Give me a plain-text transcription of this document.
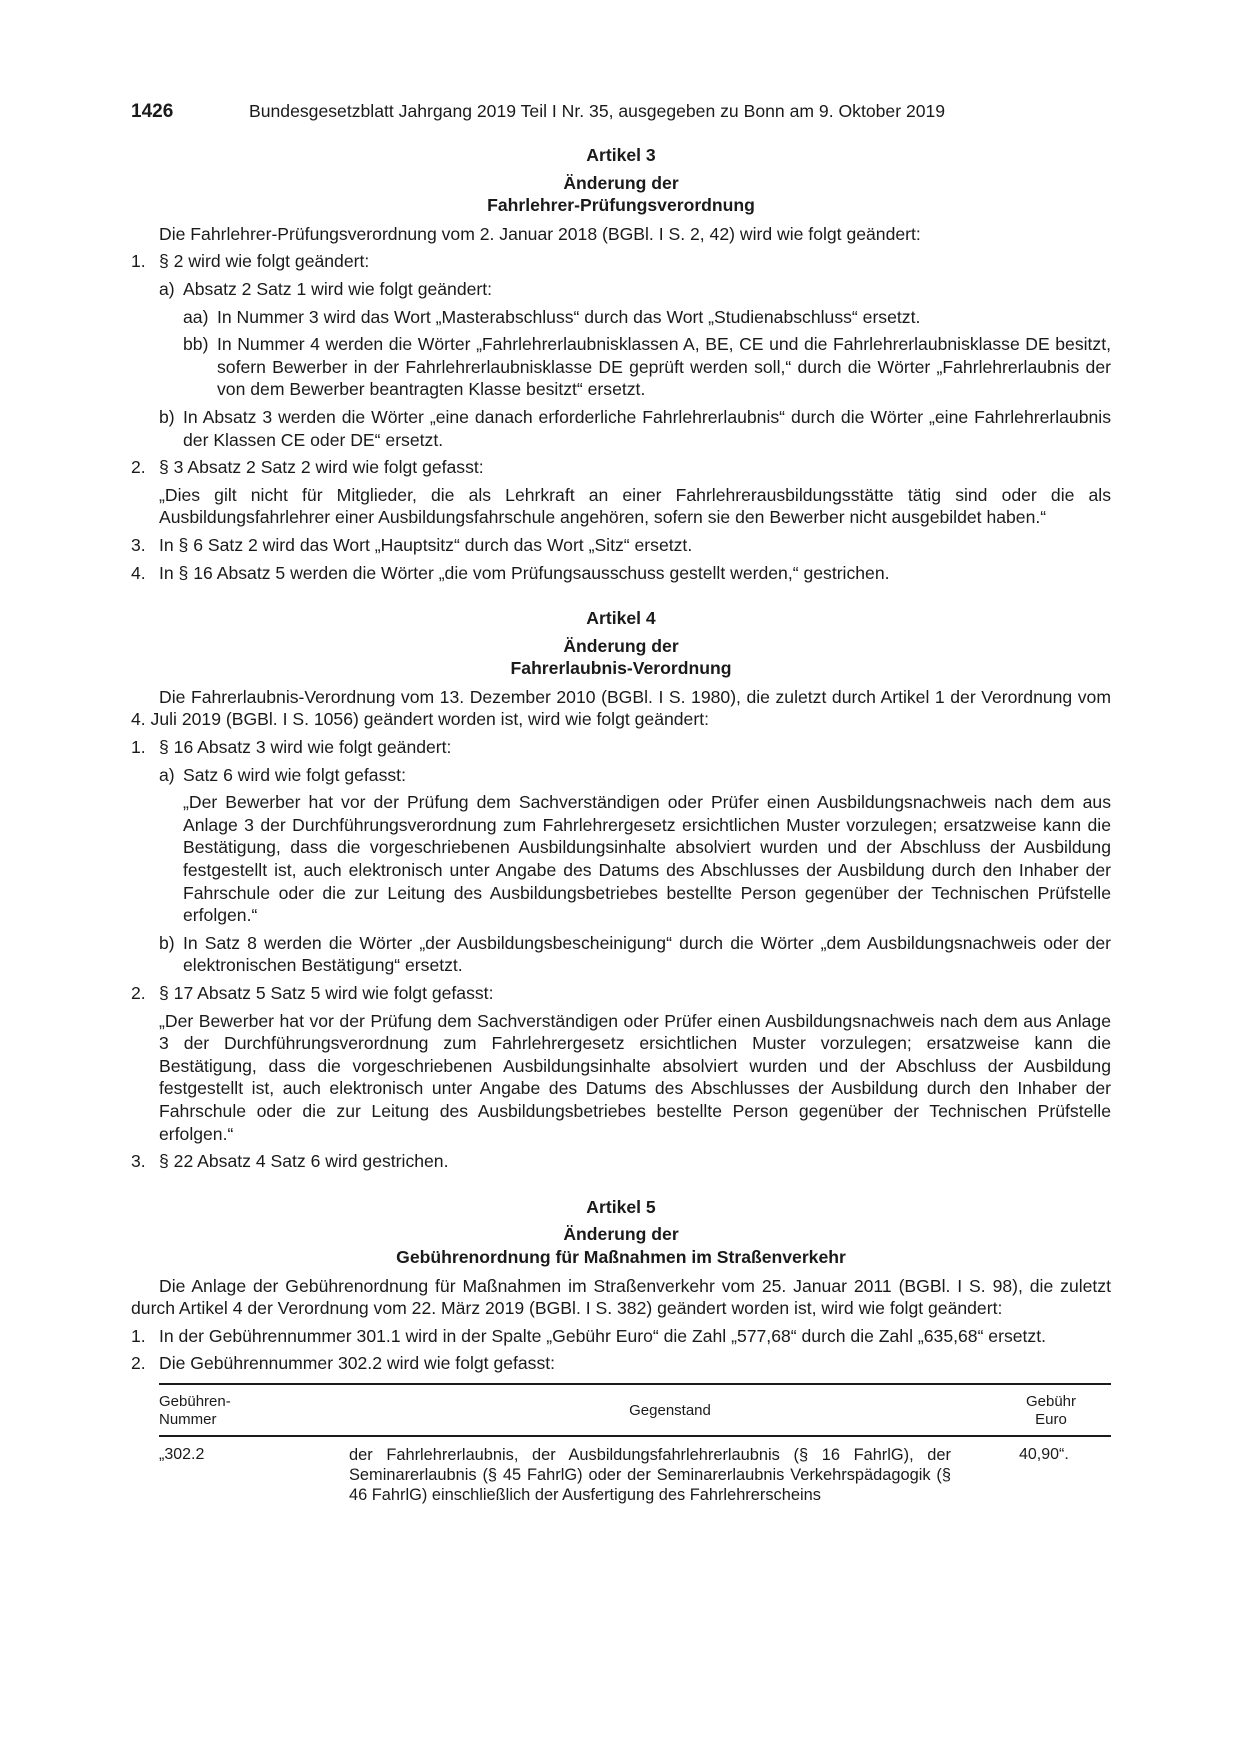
1426	Bundesgesetzblatt Jahrgang 2019 Teil I Nr. 35, ausgegeben zu Bonn am 9. Oktober 2019

Artikel 3

Änderung der

Fahrlehrer-Prüfungsverordnung

Die Fahrlehrer-Prüfungsverordnung vom 2. Januar 2018 (BGBl. I S. 2, 42) wird wie folgt geändert:

1. § 2 wird wie folgt geändert:
a) Absatz 2 Satz 1 wird wie folgt geändert:
aa) In Nummer 3 wird das Wort „Masterabschluss“ durch das Wort „Studienabschluss“ ersetzt.
bb) In Nummer 4 werden die Wörter „Fahrlehrerlaubnisklassen A, BE, CE und die Fahrlehrerlaubnisklasse DE besitzt, sofern Bewerber in der Fahrlehrerlaubnisklasse DE geprüft werden soll,“ durch die Wörter „Fahrlehrerlaubnis der von dem Bewerber beantragten Klasse besitzt“ ersetzt.
b) In Absatz 3 werden die Wörter „eine danach erforderliche Fahrlehrerlaubnis“ durch die Wörter „eine Fahrlehrerlaubnis der Klassen CE oder DE“ ersetzt.
2. § 3 Absatz 2 Satz 2 wird wie folgt gefasst:

„Dies gilt nicht für Mitglieder, die als Lehrkraft an einer Fahrlehrerausbildungsstätte tätig sind oder die als Ausbildungsfahrlehrer einer Ausbildungsfahrschule angehören, sofern sie den Bewerber nicht ausgebildet haben.“

3. In § 6 Satz 2 wird das Wort „Hauptsitz“ durch das Wort „Sitz“ ersetzt.
4. In § 16 Absatz 5 werden die Wörter „die vom Prüfungsausschuss gestellt werden,“ gestrichen.

Artikel 4

Änderung der

Fahrerlaubnis-Verordnung

Die Fahrerlaubnis-Verordnung vom 13. Dezember 2010 (BGBl. I S. 1980), die zuletzt durch Artikel 1 der Verordnung vom 4. Juli 2019 (BGBl. I S. 1056) geändert worden ist, wird wie folgt geändert:

1. § 16 Absatz 3 wird wie folgt geändert:
a) Satz 6 wird wie folgt gefasst:

„Der Bewerber hat vor der Prüfung dem Sachverständigen oder Prüfer einen Ausbildungsnachweis nach dem aus Anlage 3 der Durchführungsverordnung zum Fahrlehrergesetz ersichtlichen Muster vorzulegen; ersatzweise kann die Bestätigung, dass die vorgeschriebenen Ausbildungsinhalte absolviert wurden und der Abschluss der Ausbildung festgestellt ist, auch elektronisch unter Angabe des Datums des Abschlusses der Ausbildung durch den Inhaber der Fahrschule oder die zur Leitung des Ausbildungsbetriebes bestellte Person gegenüber der Technischen Prüfstelle erfolgen.“

b) In Satz 8 werden die Wörter „der Ausbildungsbescheinigung“ durch die Wörter „dem Ausbildungsnachweis oder der elektronischen Bestätigung“ ersetzt.
2. § 17 Absatz 5 Satz 5 wird wie folgt gefasst:

„Der Bewerber hat vor der Prüfung dem Sachverständigen oder Prüfer einen Ausbildungsnachweis nach dem aus Anlage 3 der Durchführungsverordnung zum Fahrlehrergesetz ersichtlichen Muster vorzulegen; ersatzweise kann die Bestätigung, dass die vorgeschriebenen Ausbildungsinhalte absolviert wurden und der Abschluss der Ausbildung festgestellt ist, auch elektronisch unter Angabe des Datums des Abschlusses der Ausbildung durch den Inhaber der Fahrschule oder die zur Leitung des Ausbildungsbetriebes bestellte Person gegenüber der Technischen Prüfstelle erfolgen.“

3. § 22 Absatz 4 Satz 6 wird gestrichen.

Artikel 5

Änderung der

Gebührenordnung für Maßnahmen im Straßenverkehr

Die Anlage der Gebührenordnung für Maßnahmen im Straßenverkehr vom 25. Januar 2011 (BGBl. I S. 98), die zuletzt durch Artikel 4 der Verordnung vom 22. März 2019 (BGBl. I S. 382) geändert worden ist, wird wie folgt geändert:

1. In der Gebührennummer 301.1 wird in der Spalte „Gebühr Euro“ die Zahl „577,68“ durch die Zahl „635,68“ ersetzt.
2. Die Gebührennummer 302.2 wird wie folgt gefasst:
Gebühren-
Nummer	Gegenstand	Gebühr
Euro
„302.2	der Fahrlehrerlaubnis, der Ausbildungsfahrlehrerlaubnis (§ 16 FahrlG), der Seminarerlaubnis (§ 45 FahrlG) oder der Seminarerlaubnis Verkehrspädagogik (§ 46 FahrlG) einschließlich der Ausfertigung des Fahrlehrerscheins	40,90“.
